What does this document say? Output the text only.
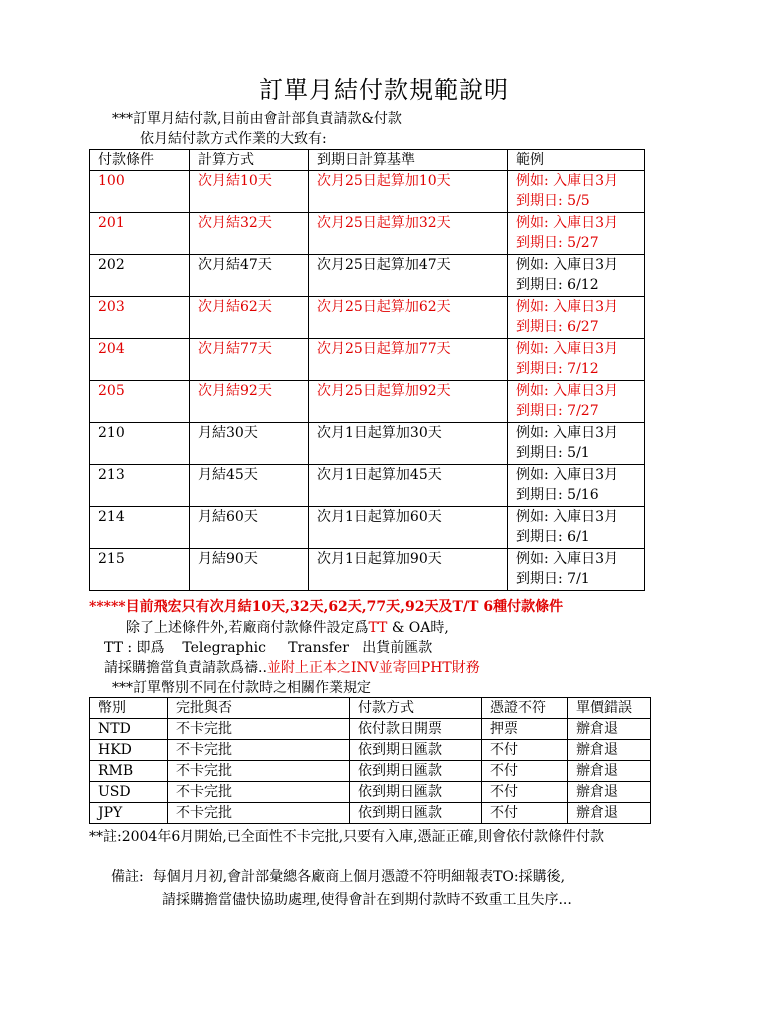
訂單月結付款規範說明
***訂單月結付款,目前由會計部負責請款&付款
依月結付款方式作業的大致有:
付款條件	計算方式	到期日計算基準	範例
100	次月結10天	次月25日起算加10天	例如: 入庫日3月
到期日: 5/5

201	次月結32天	次月25日起算加32天	例如: 入庫日3月
到期日: 5/27

202	次月結47天	次月25日起算加47天	例如: 入庫日3月
到期日: 6/12

203	次月結62天	次月25日起算加62天	例如: 入庫日3月
到期日: 6/27

204	次月結77天	次月25日起算加77天	例如: 入庫日3月
到期日: 7/12

205	次月結92天	次月25日起算加92天	例如: 入庫日3月
到期日: 7/27

210	月結30天	次月1日起算加30天	例如: 入庫日3月
到期日: 5/1

213	月結45天	次月1日起算加45天	例如: 入庫日3月
到期日: 5/16

214	月結60天	次月1日起算加60天	例如: 入庫日3月
到期日: 6/1

215	月結90天	次月1日起算加90天	例如: 入庫日3月
到期日: 7/1
*****目前飛宏只有次月結10天,32天,62天,77天,92天及T/T 6種付款條件
除了上述條件外,若廠商付款條件設定爲TT & OA時,
TT : 即爲    Telegraphic     Transfer   出貨前匯款
請採購擔當負責請款爲禱..並附上正本之INV並寄回PHT財務
***訂單幣別不同在付款時之相關作業規定
幣別	完批與否	付款方式	憑證不符	單價錯誤
NTD	不卡完批	依付款日開票	押票	辦倉退
HKD	不卡完批	依到期日匯款	不付	辦倉退
RMB	不卡完批	依到期日匯款	不付	辦倉退
USD	不卡完批	依到期日匯款	不付	辦倉退
JPY	不卡完批	依到期日匯款	不付	辦倉退
**註:2004年6月開始,已全面性不卡完批,只要有入庫,憑証正確,則會依付款條件付款
備註:  每個月月初,會計部彙總各廠商上個月憑證不符明細報表TO:採購後,
請採購擔當儘快協助處理,使得會計在到期付款時不致重工且失序...
